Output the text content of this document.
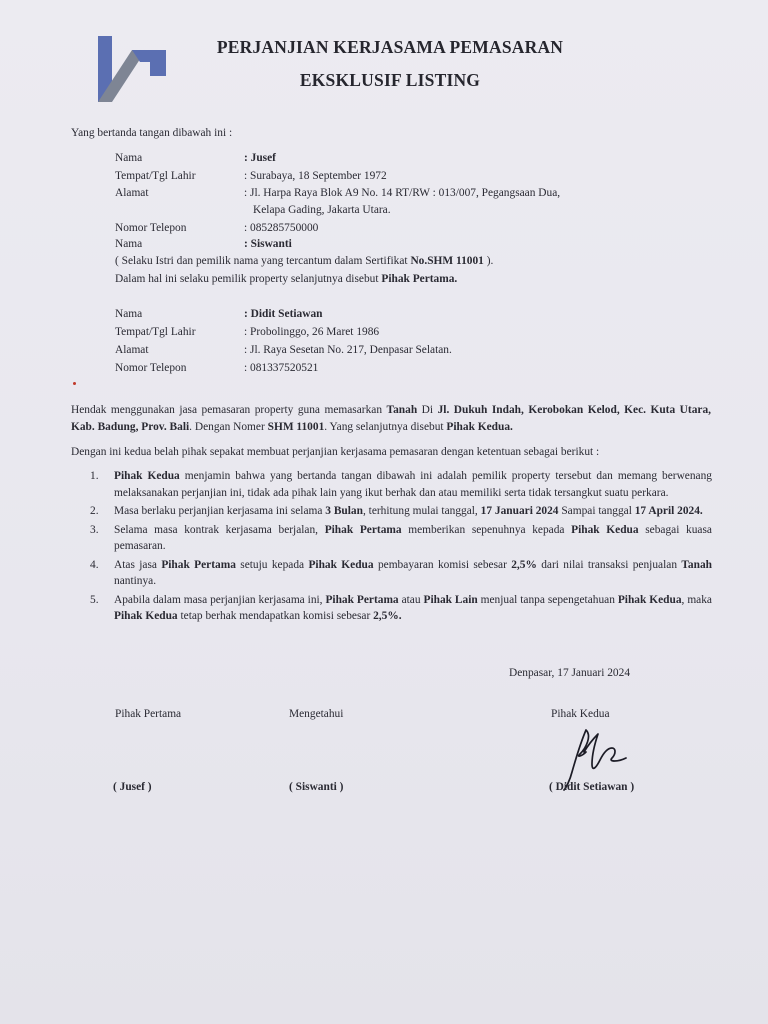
PERJANJIAN KERJASAMA PEMASARAN
EKSKLUSIF LISTING
Yang bertanda tangan dibawah ini :
Nama	: Jusef
Tempat/Tgl Lahir	: Surabaya, 18 September 1972
Alamat	: Jl. Harpa Raya Blok A9 No. 14 RT/RW : 013/007, Pegangsaan Dua,
Kelapa Gading, Jakarta Utara.
Nomor Telepon	: 085285750000
Nama	: Siswanti
( Selaku Istri dan pemilik nama yang tercantum dalam Sertifikat No.SHM 11001 ).
Dalam hal ini selaku pemilik property selanjutnya disebut Pihak Pertama.
Nama	: Didit Setiawan
Tempat/Tgl Lahir	: Probolinggo, 26 Maret 1986
Alamat	: Jl. Raya Sesetan No. 217, Denpasar Selatan.
Nomor Telepon	: 081337520521
Hendak menggunakan jasa pemasaran property guna memasarkan Tanah Di Jl. Dukuh Indah, Kerobokan Kelod, Kec. Kuta Utara, Kab. Badung, Prov. Bali. Dengan Nomer SHM 11001. Yang selanjutnya disebut Pihak Kedua.
Dengan ini kedua belah pihak sepakat membuat perjanjian kerjasama pemasaran dengan ketentuan sebagai berikut :
1. Pihak Kedua menjamin bahwa yang bertanda tangan dibawah ini adalah pemilik property tersebut dan memang berwenang melaksanakan perjanjian ini, tidak ada pihak lain yang ikut berhak dan atau memiliki serta tidak tersangkut suatu perkara.
2. Masa berlaku perjanjian kerjasama ini selama 3 Bulan, terhitung mulai tanggal, 17 Januari 2024 Sampai tanggal 17 April 2024.
3. Selama masa kontrak kerjasama berjalan, Pihak Pertama memberikan sepenuhnya kepada Pihak Kedua sebagai kuasa pemasaran.
4. Atas jasa Pihak Pertama setuju kepada Pihak Kedua pembayaran komisi sebesar 2,5% dari nilai transaksi penjualan Tanah nantinya.
5. Apabila dalam masa perjanjian kerjasama ini, Pihak Pertama atau Pihak Lain menjual tanpa sepengetahuan Pihak Kedua, maka Pihak Kedua tetap berhak mendapatkan komisi sebesar 2,5%.
Denpasar, 17 Januari 2024
Pihak Pertama	Mengetahui	Pihak Kedua
( Jusef )	( Siswanti )	( Didit Setiawan )
